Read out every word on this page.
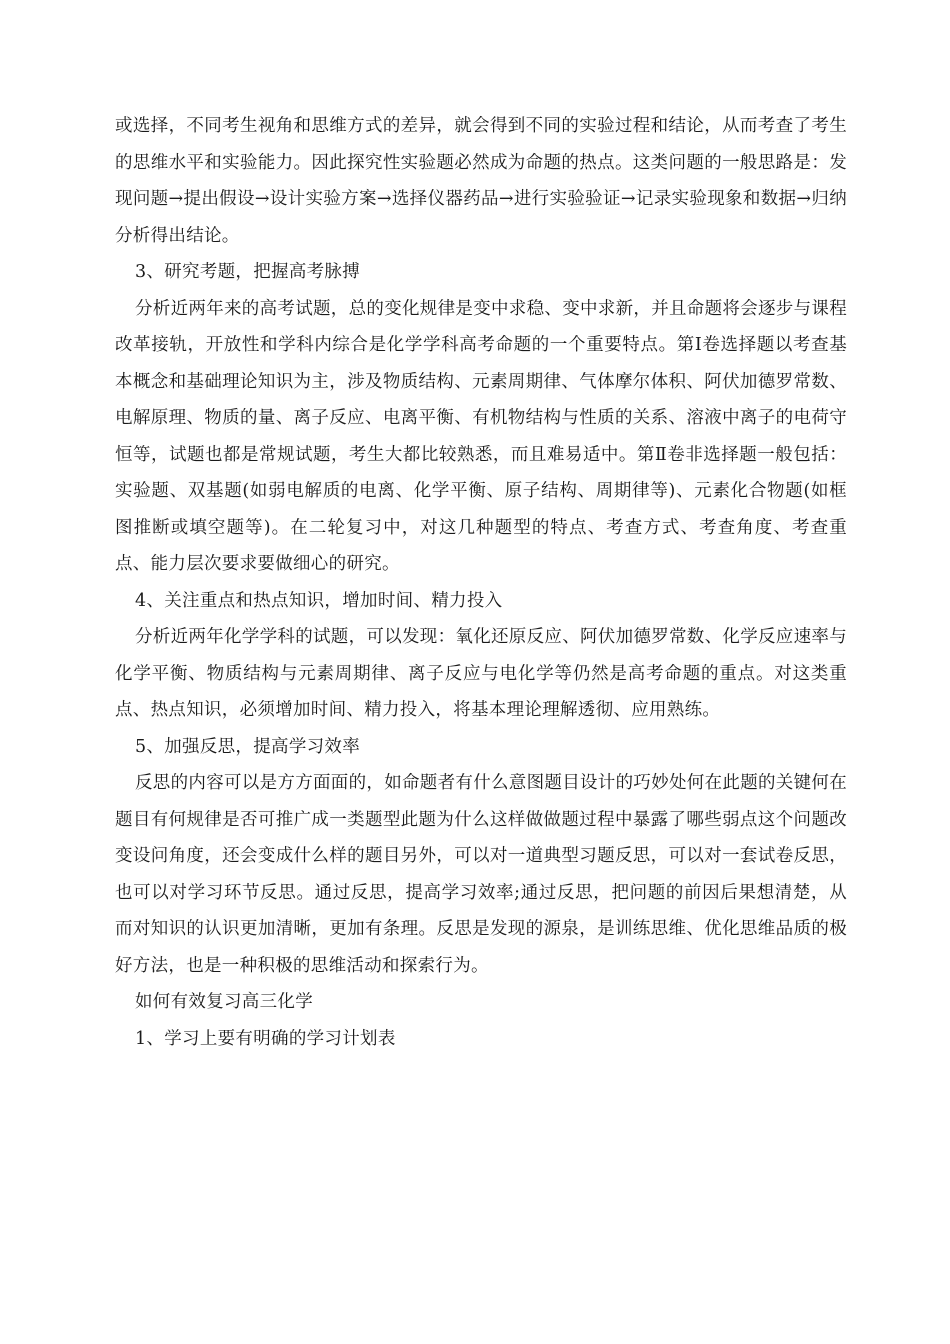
或选择，不同考生视角和思维方式的差异，就会得到不同的实验过程和结论，从而考查了考生的思维水平和实验能力。因此探究性实验题必然成为命题的热点。这类问题的一般思路是：发现问题→提出假设→设计实验方案→选择仪器药品→进行实验验证→记录实验现象和数据→归纳分析得出结论。

3、研究考题，把握高考脉搏

分析近两年来的高考试题，总的变化规律是变中求稳、变中求新，并且命题将会逐步与课程改革接轨，开放性和学科内综合是化学学科高考命题的一个重要特点。第Ⅰ卷选择题以考查基本概念和基础理论知识为主，涉及物质结构、元素周期律、气体摩尔体积、阿伏加德罗常数、电解原理、物质的量、离子反应、电离平衡、有机物结构与性质的关系、溶液中离子的电荷守恒等，试题也都是常规试题，考生大都比较熟悉，而且难易适中。第Ⅱ卷非选择题一般包括：实验题、双基题(如弱电解质的电离、化学平衡、原子结构、周期律等)、元素化合物题(如框图推断或填空题等)。在二轮复习中，对这几种题型的特点、考查方式、考查角度、考查重点、能力层次要求要做细心的研究。

4、关注重点和热点知识，增加时间、精力投入

分析近两年化学学科的试题，可以发现：氧化还原反应、阿伏加德罗常数、化学反应速率与化学平衡、物质结构与元素周期律、离子反应与电化学等仍然是高考命题的重点。对这类重点、热点知识，必须增加时间、精力投入，将基本理论理解透彻、应用熟练。

5、加强反思，提高学习效率

反思的内容可以是方方面面的，如命题者有什么意图题目设计的巧妙处何在此题的关键何在题目有何规律是否可推广成一类题型此题为什么这样做做题过程中暴露了哪些弱点这个问题改变设问角度，还会变成什么样的题目另外，可以对一道典型习题反思，可以对一套试卷反思，也可以对学习环节反思。通过反思，提高学习效率;通过反思，把问题的前因后果想清楚，从而对知识的认识更加清晰，更加有条理。反思是发现的源泉，是训练思维、优化思维品质的极好方法，也是一种积极的思维活动和探索行为。

如何有效复习高三化学

1、学习上要有明确的学习计划表
